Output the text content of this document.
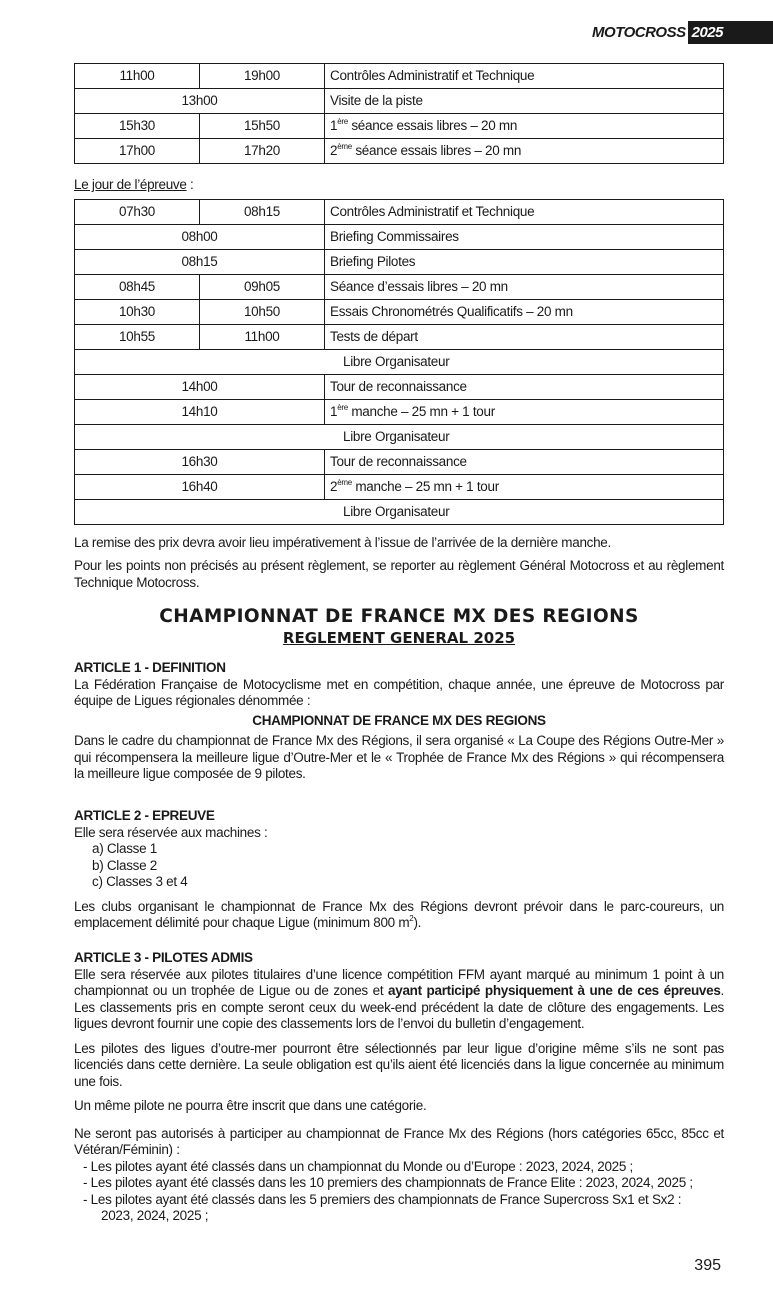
MOTOCROSS 2025
11h00	19h00	Contrôles Administratif et Technique
13h00		Visite de la piste
15h30	15h50	1ère séance essais libres – 20 mn
17h00	17h20	2ème séance essais libres – 20 mn
Le jour de l’épreuve :
07h30	08h15	Contrôles Administratif et Technique
08h00		Briefing Commissaires
08h15		Briefing Pilotes
08h45	09h05	Séance d’essais libres – 20 mn
10h30	10h50	Essais Chronométrés Qualificatifs – 20 mn
10h55	11h00	Tests de départ
Libre Organisateur		
14h00		Tour de reconnaissance
14h10		1ère manche – 25 mn + 1 tour
Libre Organisateur		
16h30		Tour de reconnaissance
16h40		2ème manche – 25 mn + 1 tour
Libre Organisateur		
La remise des prix devra avoir lieu impérativement à l’issue de l’arrivée de la dernière manche.
Pour les points non précisés au présent règlement, se reporter au règlement Général Motocross et au règlement Technique Motocross.
CHAMPIONNAT DE FRANCE MX DES REGIONS
REGLEMENT GENERAL 2025
ARTICLE 1 - DEFINITION
La Fédération Française de Motocyclisme met en compétition, chaque année, une épreuve de Motocross par équipe de Ligues régionales dénommée :
CHAMPIONNAT DE FRANCE MX DES REGIONS
Dans le cadre du championnat de France Mx des Régions, il sera organisé « La Coupe des Régions Outre-Mer » qui récompensera la meilleure ligue d’Outre-Mer et le « Trophée de France Mx des Régions » qui récompensera la meilleure ligue composée de 9 pilotes.
ARTICLE 2 - EPREUVE
Elle sera réservée aux machines :
a) Classe 1
b) Classe 2
c) Classes 3 et 4
Les clubs organisant le championnat de France Mx des Régions devront prévoir dans le parc-coureurs, un emplacement délimité pour chaque Ligue (minimum 800 $m^2$).
ARTICLE 3 - PILOTES ADMIS
Elle sera réservée aux pilotes titulaires d’une licence compétition FFM ayant marqué au minimum 1 point à un championnat ou un trophée de Ligue ou de zones et ayant participé physiquement à une de ces épreuves. Les classements pris en compte seront ceux du week-end précédent la date de clôture des engagements. Les ligues devront fournir une copie des classements lors de l’envoi du bulletin d’engagement.
Les pilotes des ligues d’outre-mer pourront être sélectionnés par leur ligue d’origine même s’ils ne sont pas licenciés dans cette dernière. La seule obligation est qu’ils aient été licenciés dans la ligue concernée au minimum une fois.
Un même pilote ne pourra être inscrit que dans une catégorie.
Ne seront pas autorisés à participer au championnat de France Mx des Régions (hors catégories 65cc, 85cc et Vétéran/Féminin) :
- Les pilotes ayant été classés dans un championnat du Monde ou d’Europe : 2023, 2024, 2025 ;
- Les pilotes ayant été classés dans les 10 premiers des championnats de France Elite : 2023, 2024, 2025 ;
- Les pilotes ayant été classés dans les 5 premiers des championnats de France Supercross Sx1 et Sx2 :
2023, 2024, 2025 ;
395
